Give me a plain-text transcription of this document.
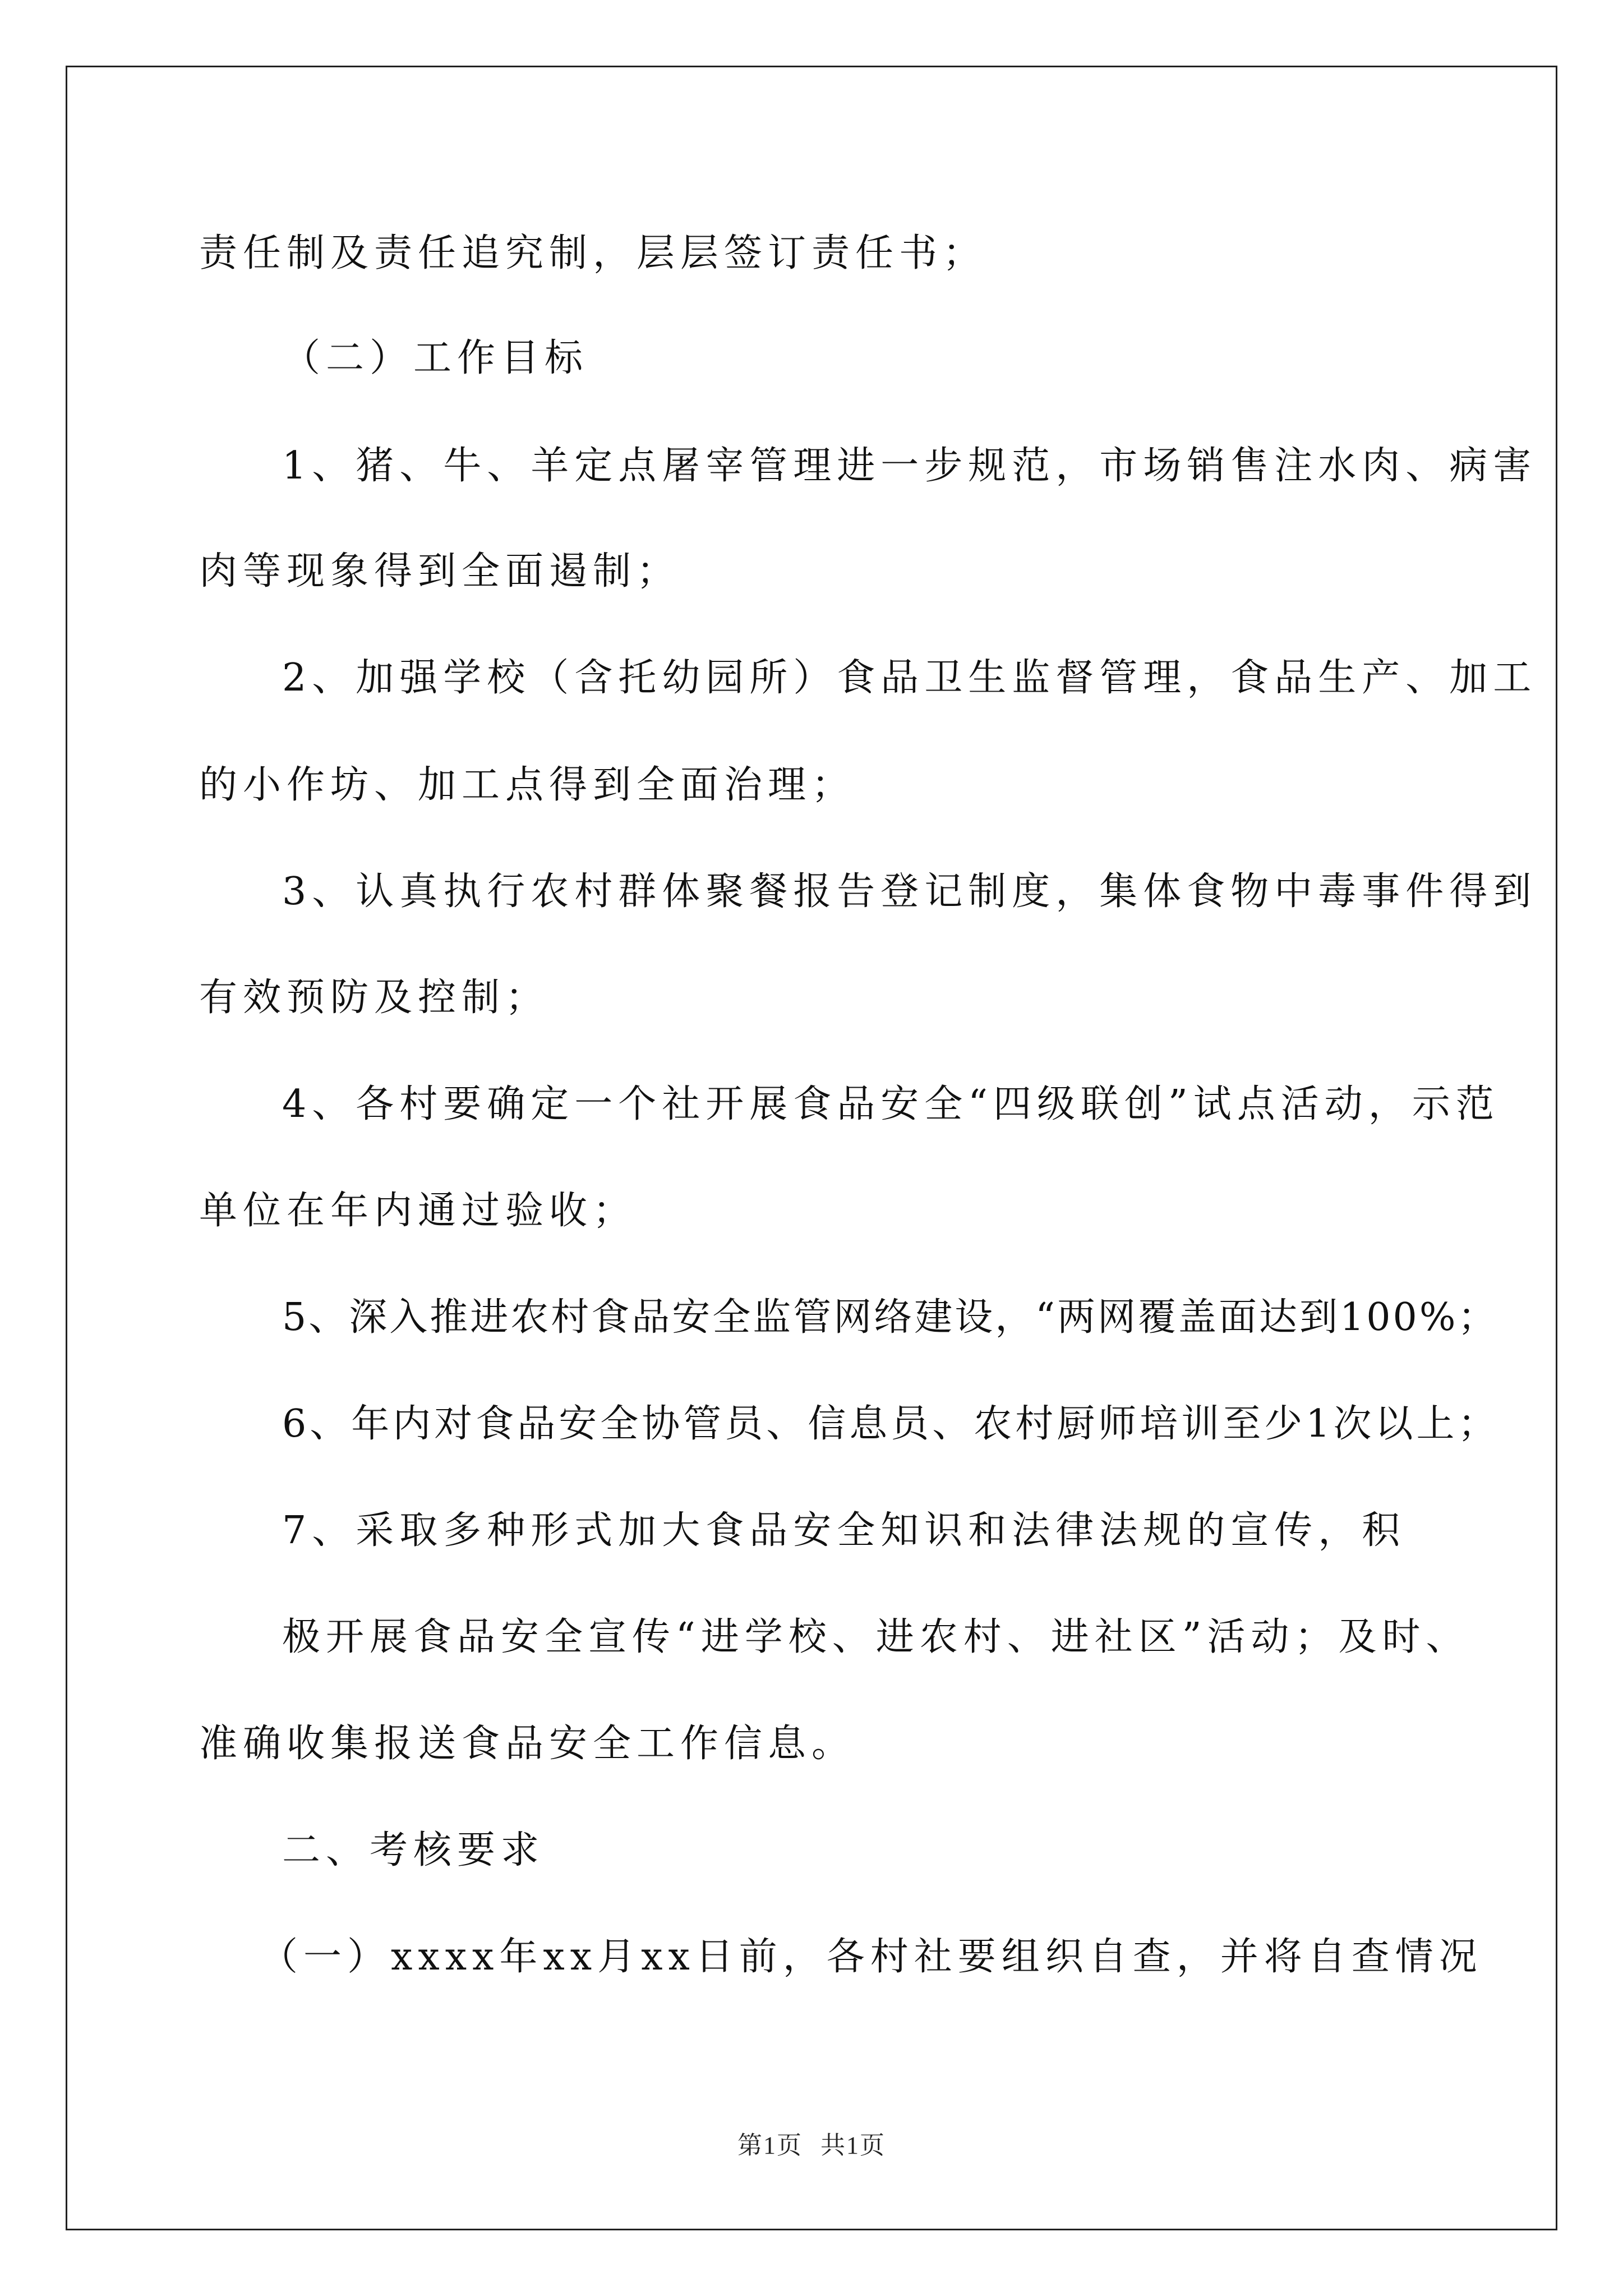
责任制及责任追究制，层层签订责任书；
（二）工作目标
1、猪、牛、羊定点屠宰管理进一步规范，市场销售注水肉、病害
肉等现象得到全面遏制；
2、加强学校（含托幼园所）食品卫生监督管理，食品生产、加工
的小作坊、加工点得到全面治理；
3、认真执行农村群体聚餐报告登记制度，集体食物中毒事件得到
有效预防及控制；
4、各村要确定一个社开展食品安全“四级联创”试点活动，示范
单位在年内通过验收；
5、深入推进农村食品安全监管网络建设，“两网覆盖面达到100%；
6、年内对食品安全协管员、信息员、农村厨师培训至少1次以上；
7、采取多种形式加大食品安全知识和法律法规的宣传，积
极开展食品安全宣传“进学校、进农村、进社区”活动；及时、
准确收集报送食品安全工作信息。
二、考核要求
（一）xxxx年xx月xx日前，各村社要组织自查，并将自查情况
第1页 共1页
